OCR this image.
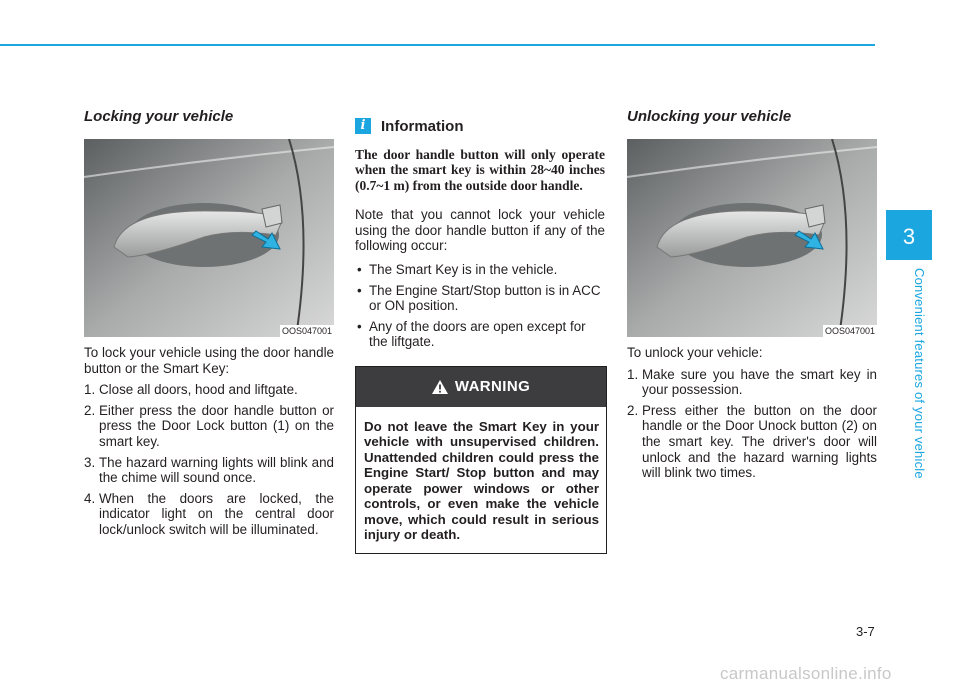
3
Convenient features of your vehicle
Locking your vehicle
OOS047001

To lock your vehicle using the door handle button or the Smart Key:

1. Close all doors, hood and liftgate.
2. Either press the door handle button or press the Door Lock button (1) on the smart key.
3. The hazard warning lights will blink and the chime will sound once.
4. When the doors are locked, the indicator light on the central door lock/unlock switch will be illuminated.
i	Information

The door handle button will only operate when the smart key is within 28~40 inches (0.7~1 m) from the outside door handle.

Note that you cannot lock your vehicle using the door handle button if any of the following occur:

• The Smart Key is in the vehicle.
• The Engine Start/Stop button is in ACC or ON position.
• Any of the doors are open except for the liftgate.
WARNING
Do not leave the Smart Key in your vehicle with unsupervised children. Unattended children could press the Engine Start/ Stop button and may operate power windows or other controls, or even make the vehicle move, which could result in serious injury or death.
Unlocking your vehicle
OOS047001

To unlock your vehicle:

1. Make sure you have the smart key in your possession.
2. Press either the button on the door handle or the Door Unock button (2) on the smart key. The driver's door will unlock and the hazard warning lights will blink two times.
3-7
carmanualsonline.info
